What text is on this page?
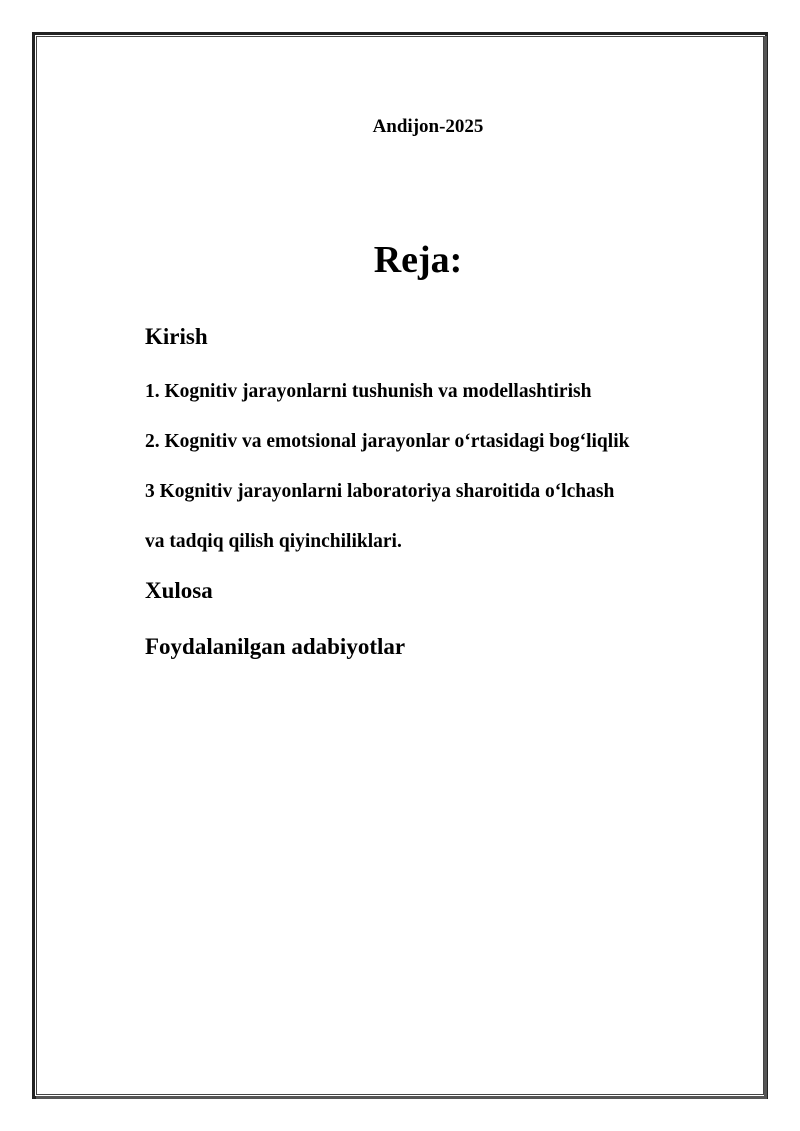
Andijon-2025
Reja:
Kirish
1. Kognitiv jarayonlarni tushunish va modellashtirish
2. Kognitiv va emotsional jarayonlar o‘rtasidagi bog‘liqlik
3 Kognitiv jarayonlarni laboratoriya sharoitida o‘lchash
va tadqiq qilish qiyinchiliklari.
Xulosa
Foydalanilgan adabiyotlar
